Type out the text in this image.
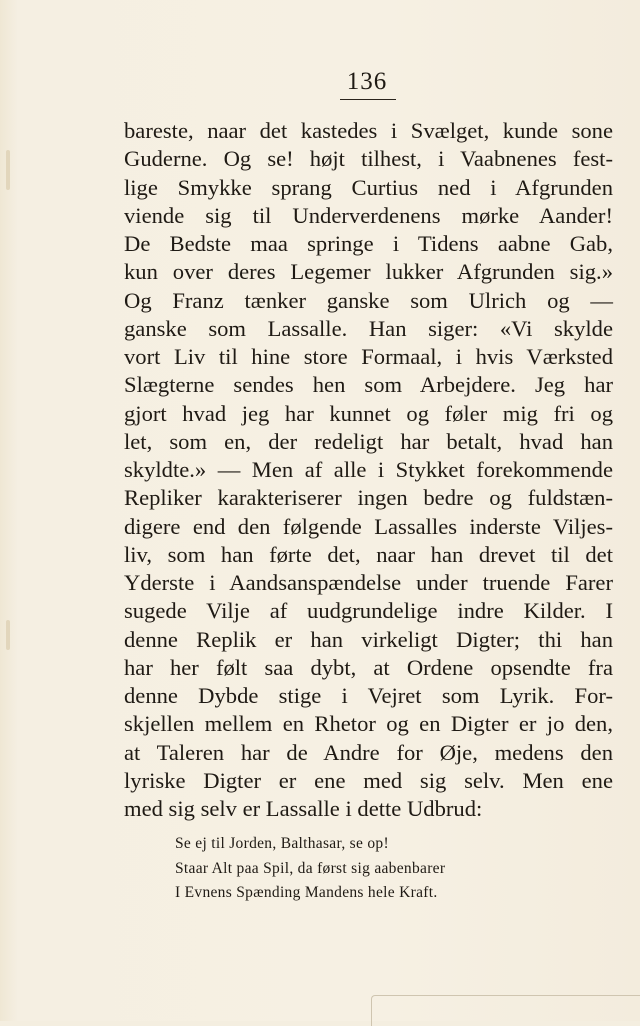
136
bareste, naar det kastedes i Svælget, kunde sone
Guderne. Og se! højt tilhest, i Vaabnenes fest-
lige Smykke sprang Curtius ned i Afgrunden
viende sig til Underverdenens mørke Aander!
De Bedste maa springe i Tidens aabne Gab,
kun over deres Legemer lukker Afgrunden sig.»
Og Franz tænker ganske som Ulrich og —
ganske som Lassalle. Han siger: «Vi skylde
vort Liv til hine store Formaal, i hvis Værksted
Slægterne sendes hen som Arbejdere. Jeg har
gjort hvad jeg har kunnet og føler mig fri og
let, som en, der redeligt har betalt, hvad han
skyldte.» — Men af alle i Stykket forekommende
Repliker karakteriserer ingen bedre og fuldstæn-
digere end den følgende Lassalles inderste Viljes-
liv, som han førte det, naar han drevet til det
Yderste i Aandsanspændelse under truende Farer
sugede Vilje af uudgrundelige indre Kilder. I
denne Replik er han virkeligt Digter; thi han
har her følt saa dybt, at Ordene opsendte fra
denne Dybde stige i Vejret som Lyrik. For-
skjellen mellem en Rhetor og en Digter er jo den,
at Taleren har de Andre for Øje, medens den
lyriske Digter er ene med sig selv. Men ene
med sig selv er Lassalle i dette Udbrud:
Se ej til Jorden, Balthasar, se op!
Staar Alt paa Spil, da først sig aabenbarer
I Evnens Spænding Mandens hele Kraft.
